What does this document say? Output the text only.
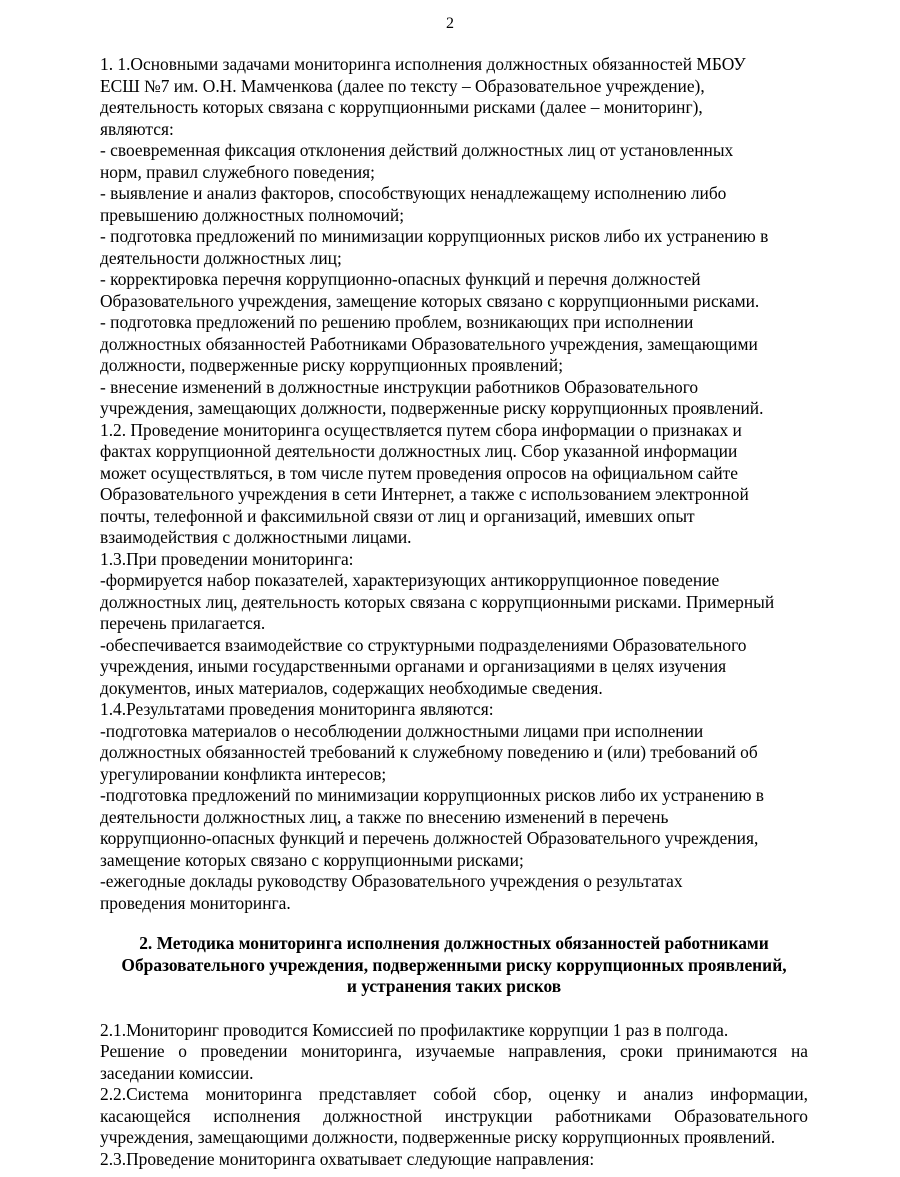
2
1. 1.Основными задачами мониторинга исполнения должностных обязанностей МБОУ
ЕСШ №7 им. О.Н. Мамченкова (далее по тексту – Образовательное учреждение),
деятельность которых связана с коррупционными рисками (далее – мониторинг),
являются:
- своевременная фиксация отклонения действий должностных лиц от установленных
норм, правил служебного поведения;
- выявление и анализ факторов, способствующих ненадлежащему исполнению либо
превышению должностных полномочий;
- подготовка предложений по минимизации коррупционных рисков либо их устранению в
деятельности должностных лиц;
- корректировка перечня коррупционно-опасных функций и перечня должностей
Образовательного учреждения, замещение которых связано с коррупционными рисками.
- подготовка предложений по решению проблем, возникающих при исполнении
должностных обязанностей Работниками Образовательного учреждения, замещающими
должности, подверженные риску коррупционных проявлений;
- внесение изменений в должностные инструкции работников Образовательного
учреждения, замещающих должности, подверженные риску коррупционных проявлений.
1.2. Проведение мониторинга осуществляется путем сбора информации о признаках и
фактах коррупционной деятельности должностных лиц. Сбор указанной информации
может осуществляться, в том числе путем проведения опросов на официальном сайте
Образовательного учреждения в сети Интернет, а также с использованием электронной
почты, телефонной и факсимильной связи от лиц и организаций, имевших опыт
взаимодействия с должностными лицами.
1.3.При проведении мониторинга:
-формируется набор показателей, характеризующих антикоррупционное поведение
должностных лиц, деятельность которых связана с коррупционными рисками. Примерный
перечень прилагается.
-обеспечивается взаимодействие со структурными подразделениями Образовательного
учреждения, иными государственными органами и организациями в целях изучения
документов, иных материалов, содержащих необходимые сведения.
1.4.Результатами проведения мониторинга являются:
-подготовка материалов о несоблюдении должностными лицами при исполнении
должностных обязанностей требований к служебному поведению и (или) требований об
урегулировании конфликта интересов;
-подготовка предложений по минимизации коррупционных рисков либо их устранению в
деятельности должностных лиц, а также по внесению изменений в перечень
коррупционно-опасных функций и перечень должностей Образовательного учреждения,
замещение которых связано с коррупционными рисками;
-ежегодные доклады руководству Образовательного учреждения о результатах
проведения мониторинга.
2. Методика мониторинга исполнения должностных обязанностей работниками
Образовательного учреждения, подверженными риску коррупционных проявлений,
и устранения таких рисков
2.1.Мониторинг проводится Комиссией по профилактике коррупции 1 раз в полгода.
Решение о проведении мониторинга, изучаемые направления, сроки принимаются на
заседании комиссии.
2.2.Система мониторинга представляет собой сбор, оценку и анализ информации,
касающейся исполнения должностной инструкции работниками Образовательного
учреждения, замещающими должности, подверженные риску коррупционных проявлений.
2.3.Проведение мониторинга охватывает следующие направления:
